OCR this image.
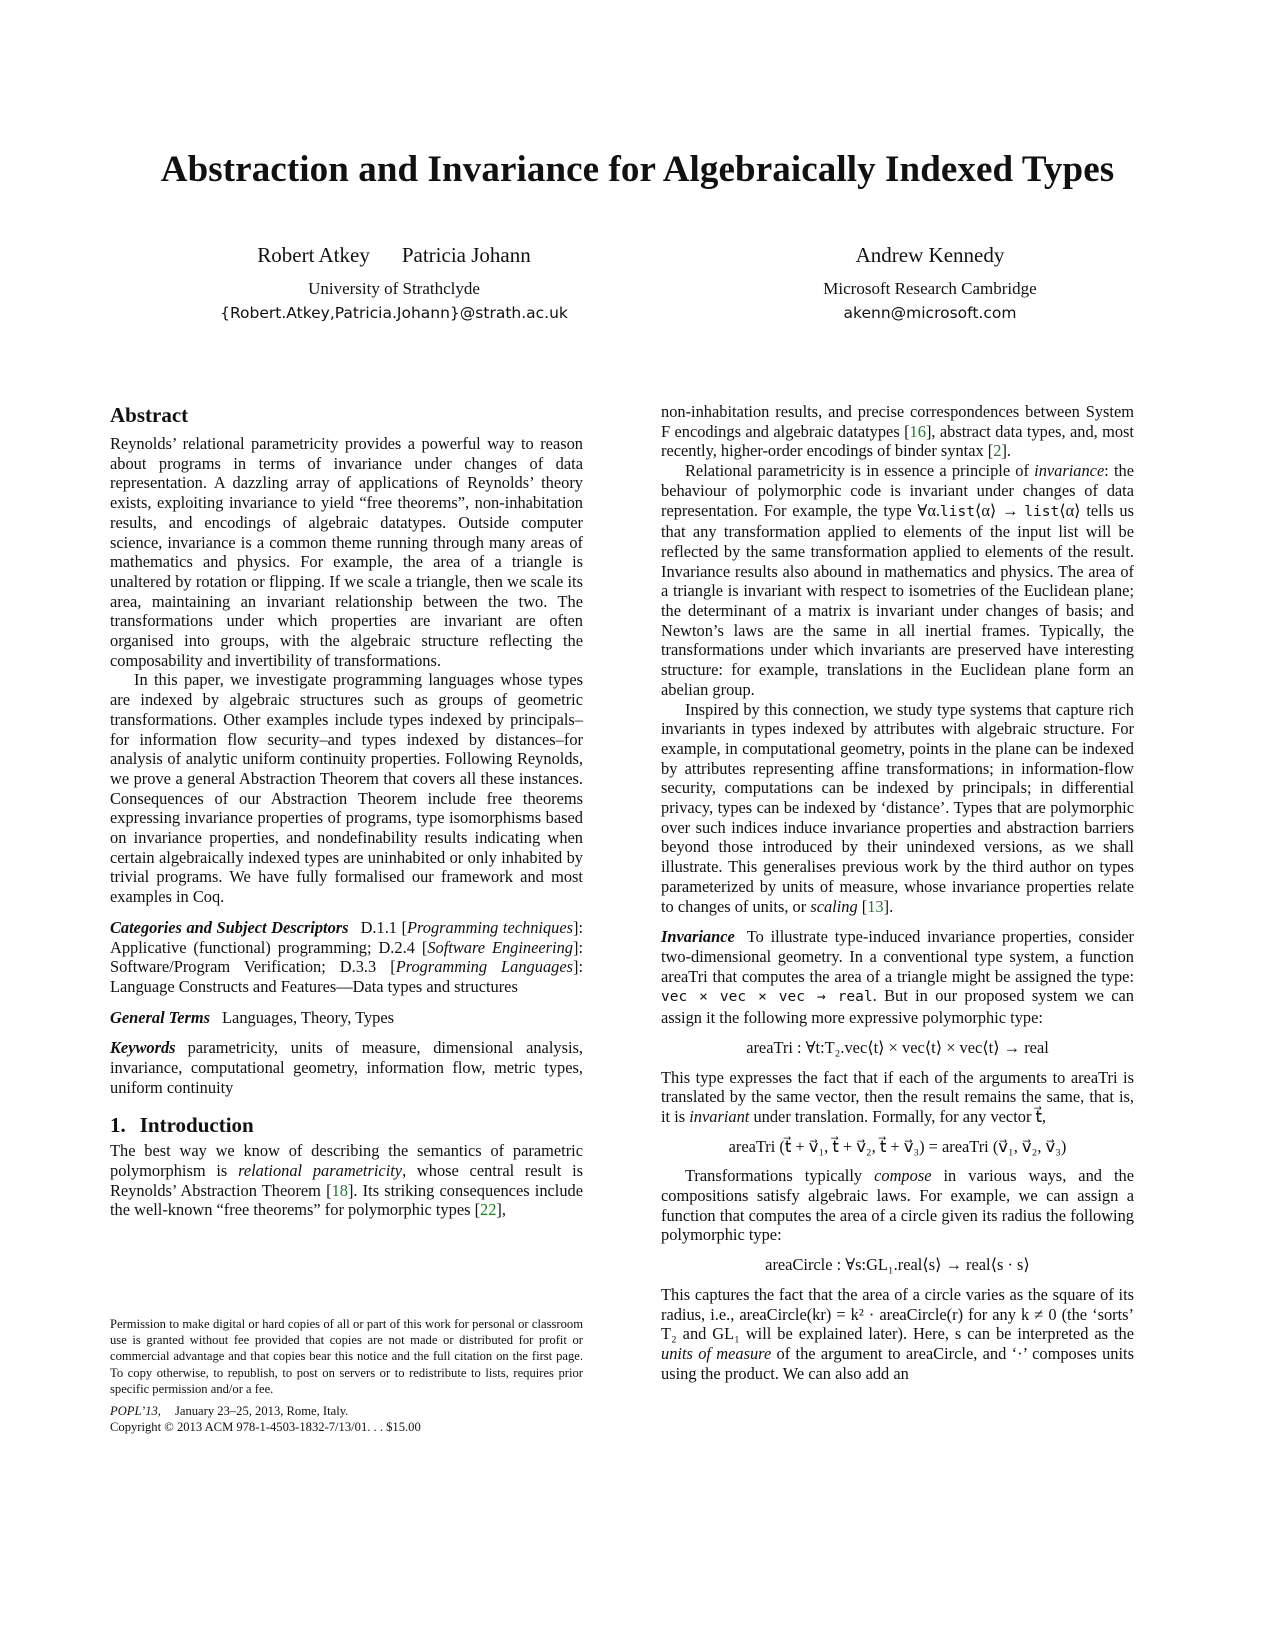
Abstraction and Invariance for Algebraically Indexed Types
Robert Atkey Patricia Johann
University of Strathclyde
{Robert.Atkey,Patricia.Johann}@strath.ac.uk
Andrew Kennedy
Microsoft Research Cambridge
akenn@microsoft.com
Abstract

Reynolds’ relational parametricity provides a powerful way to reason about programs in terms of invariance under changes of data representation. A dazzling array of applications of Reynolds’ theory exists, exploiting invariance to yield “free theorems”, non-inhabitation results, and encodings of algebraic datatypes. Outside computer science, invariance is a common theme running through many areas of mathematics and physics. For example, the area of a triangle is unaltered by rotation or flipping. If we scale a triangle, then we scale its area, maintaining an invariant relationship between the two. The transformations under which properties are invariant are often organised into groups, with the algebraic structure reflecting the composability and invertibility of transformations.

In this paper, we investigate programming languages whose types are indexed by algebraic structures such as groups of geometric transformations. Other examples include types indexed by principals–for information flow security–and types indexed by distances–for analysis of analytic uniform continuity properties. Following Reynolds, we prove a general Abstraction Theorem that covers all these instances. Consequences of our Abstraction Theorem include free theorems expressing invariance properties of programs, type isomorphisms based on invariance properties, and nondefinability results indicating when certain algebraically indexed types are uninhabited or only inhabited by trivial programs. We have fully formalised our framework and most examples in Coq.

Categories and Subject Descriptors D.1.1 [Programming techniques]: Applicative (functional) programming; D.2.4 [Software Engineering]: Software/Program Verification; D.3.3 [Programming Languages]: Language Constructs and Features—Data types and structures

General Terms Languages, Theory, Types

Keywords parametricity, units of measure, dimensional analysis, invariance, computational geometry, information flow, metric types, uniform continuity

1. Introduction

The best way we know of describing the semantics of parametric polymorphism is relational parametricity, whose central result is Reynolds’ Abstraction Theorem [18]. Its striking consequences include the well-known “free theorems” for polymorphic types [22],

non-inhabitation results, and precise correspondences between System F encodings and algebraic datatypes [16], abstract data types, and, most recently, higher-order encodings of binder syntax [2].

Relational parametricity is in essence a principle of invariance: the behaviour of polymorphic code is invariant under changes of data representation. For example, the type ∀α.list⟨α⟩ → list⟨α⟩ tells us that any transformation applied to elements of the input list will be reflected by the same transformation applied to elements of the result. Invariance results also abound in mathematics and physics. The area of a triangle is invariant with respect to isometries of the Euclidean plane; the determinant of a matrix is invariant under changes of basis; and Newton’s laws are the same in all inertial frames. Typically, the transformations under which invariants are preserved have interesting structure: for example, translations in the Euclidean plane form an abelian group.

Inspired by this connection, we study type systems that capture rich invariants in types indexed by attributes with algebraic structure. For example, in computational geometry, points in the plane can be indexed by attributes representing affine transformations; in information-flow security, computations can be indexed by principals; in differential privacy, types can be indexed by ‘distance’. Types that are polymorphic over such indices induce invariance properties and abstraction barriers beyond those introduced by their unindexed versions, as we shall illustrate. This generalises previous work by the third author on types parameterized by units of measure, whose invariance properties relate to changes of units, or scaling [13].

Invariance To illustrate type-induced invariance properties, consider two-dimensional geometry. In a conventional type system, a function areaTri that computes the area of a triangle might be assigned the type: vec × vec × vec → real. But in our proposed system we can assign it the following more expressive polymorphic type:

areaTri : ∀t:T₂.vec⟨t⟩ × vec⟨t⟩ × vec⟨t⟩ → real

This type expresses the fact that if each of the arguments to areaTri is translated by the same vector, then the result remains the same, that is, it is invariant under translation. Formally, for any vector t⃗,

areaTri (t⃗ + v⃗₁, t⃗ + v⃗₂, t⃗ + v⃗₃) = areaTri (v⃗₁, v⃗₂, v⃗₃)

Transformations typically compose in various ways, and the compositions satisfy algebraic laws. For example, we can assign a function that computes the area of a circle given its radius the following polymorphic type:

areaCircle : ∀s:GL₁.real⟨s⟩ → real⟨s · s⟩

This captures the fact that the area of a circle varies as the square of its radius, i.e., areaCircle(kr) = k² · areaCircle(r) for any k ≠ 0 (the ‘sorts’ T₂ and GL₁ will be explained later). Here, s can be interpreted as the units of measure of the argument to areaCircle, and ‘·’ composes units using the product. We can also add an

Permission to make digital or hard copies of all or part of this work for personal or classroom use is granted without fee provided that copies are not made or distributed for profit or commercial advantage and that copies bear this notice and the full citation on the first page. To copy otherwise, to republish, to post on servers or to redistribute to lists, requires prior specific permission and/or a fee.
POPL’13, January 23–25, 2013, Rome, Italy.
Copyright © 2013 ACM 978-1-4503-1832-7/13/01. . . $15.00
